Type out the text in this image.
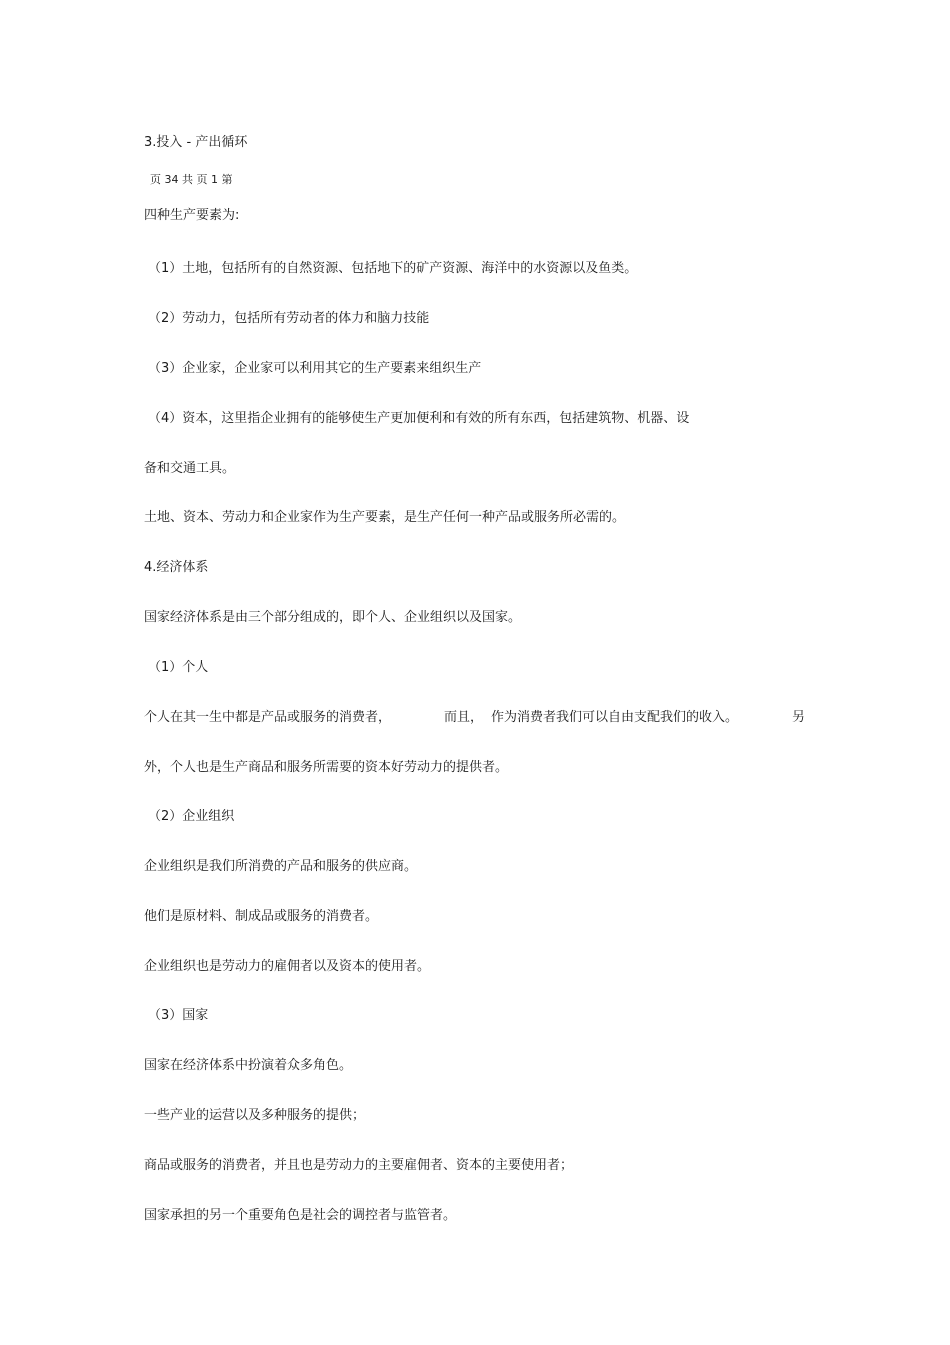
3.投入 - 产出循环
页 34 共 页 1 第
四种生产要素为:
（1）土地，包括所有的自然资源、包括地下的矿产资源、海洋中的水资源以及鱼类。
（2）劳动力，包括所有劳动者的体力和脑力技能
（3）企业家，企业家可以利用其它的生产要素来组织生产
（4）资本，这里指企业拥有的能够使生产更加便利和有效的所有东西，包括建筑物、机器、设
备和交通工具。
土地、资本、劳动力和企业家作为生产要素，是生产任何一种产品或服务所必需的。
4.经济体系
国家经济体系是由三个部分组成的，即个人、企业组织以及国家。
（1）个人
个人在其一生中都是产品或服务的消费者，	而且， 作为消费者我们可以自由支配我们的收入。	另
外，个人也是生产商品和服务所需要的资本好劳动力的提供者。
（2）企业组织
企业组织是我们所消费的产品和服务的供应商。
他们是原材料、制成品或服务的消费者。
企业组织也是劳动力的雇佣者以及资本的使用者。
（3）国家
国家在经济体系中扮演着众多角色。
一些产业的运营以及多种服务的提供；
商品或服务的消费者，并且也是劳动力的主要雇佣者、资本的主要使用者；
国家承担的另一个重要角色是社会的调控者与监管者。
